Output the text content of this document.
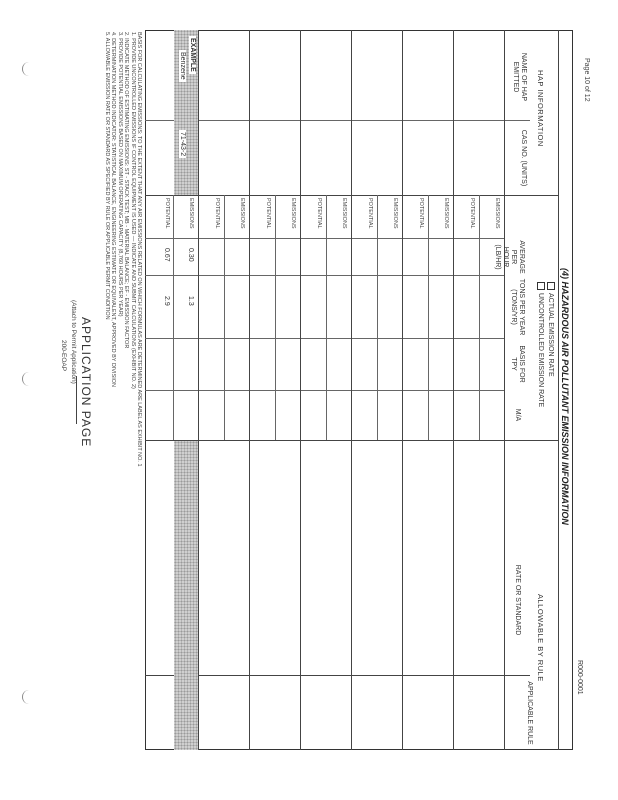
Page 10 of 12
R000-0001
(4) HAZARDOUS AIR POLLUTANT EMISSION INFORMATION
HAP INFORMATION
ALLOWABLE BY RULE
ACTUAL EMISSION RATE
UNCONTROLLED EMISSION RATE
NAME OF HAP EMITTED
CAS NO. (UNITS)
AVERAGE PER HOUR (LB/HR)
TONS PER YEAR (TONS/YR)
BASIS FOR TPY
M/A
RATE OR STANDARD
APPLICABLE RULE
EMISSIONS
POTENTIAL
EMISSIONS
POTENTIAL
EMISSIONS
POTENTIAL
EMISSIONS
POTENTIAL
EMISSIONS
POTENTIAL
EMISSIONS
POTENTIAL
EXAMPLE
Benzene
71-43-2
EMISSIONS
POTENTIAL
0.30
0.67
1.3
2.9
BASIS FOR CALCULATING EMISSIONS: TO THE EXTENT THAT ANY AIR EMISSIONS RELATED ON WHICH FORMULAS ARE DETERMINED ARE LABEL AS EXHIBIT NO. 1
1. PROVIDE UNCONTROLLED EMISSIONS IF CONTROL EQUIPMENT IS USED — INDICATE AND SUBMIT CALCULATIONS (EXHIBIT NO. 2)
2. INDICATE METHOD OF ESTIMATING EMISSIONS: ST - STACK TEST; MB - MATERIAL BALANCE; EF - EMISSION FACTOR
3. PROVIDE POTENTIAL EMISSIONS BASED ON MAXIMUM OPERATING CAPACITY (8,760 HOURS PER YEAR)
4. DETERMINATION METHOD INDICATOR: STATISTICAL BALANCE, ENGINEERING ESTIMATE OR EQUIVALENT, APPROVED BY DIVISION
5. ALLOWABLE EMISSION RATE OR STANDARD AS SPECIFIED BY RULE OR APPLICABLE PERMIT CONDITION
APPLICATION PAGE
(Attach to Permit Application)
200-EOAP
